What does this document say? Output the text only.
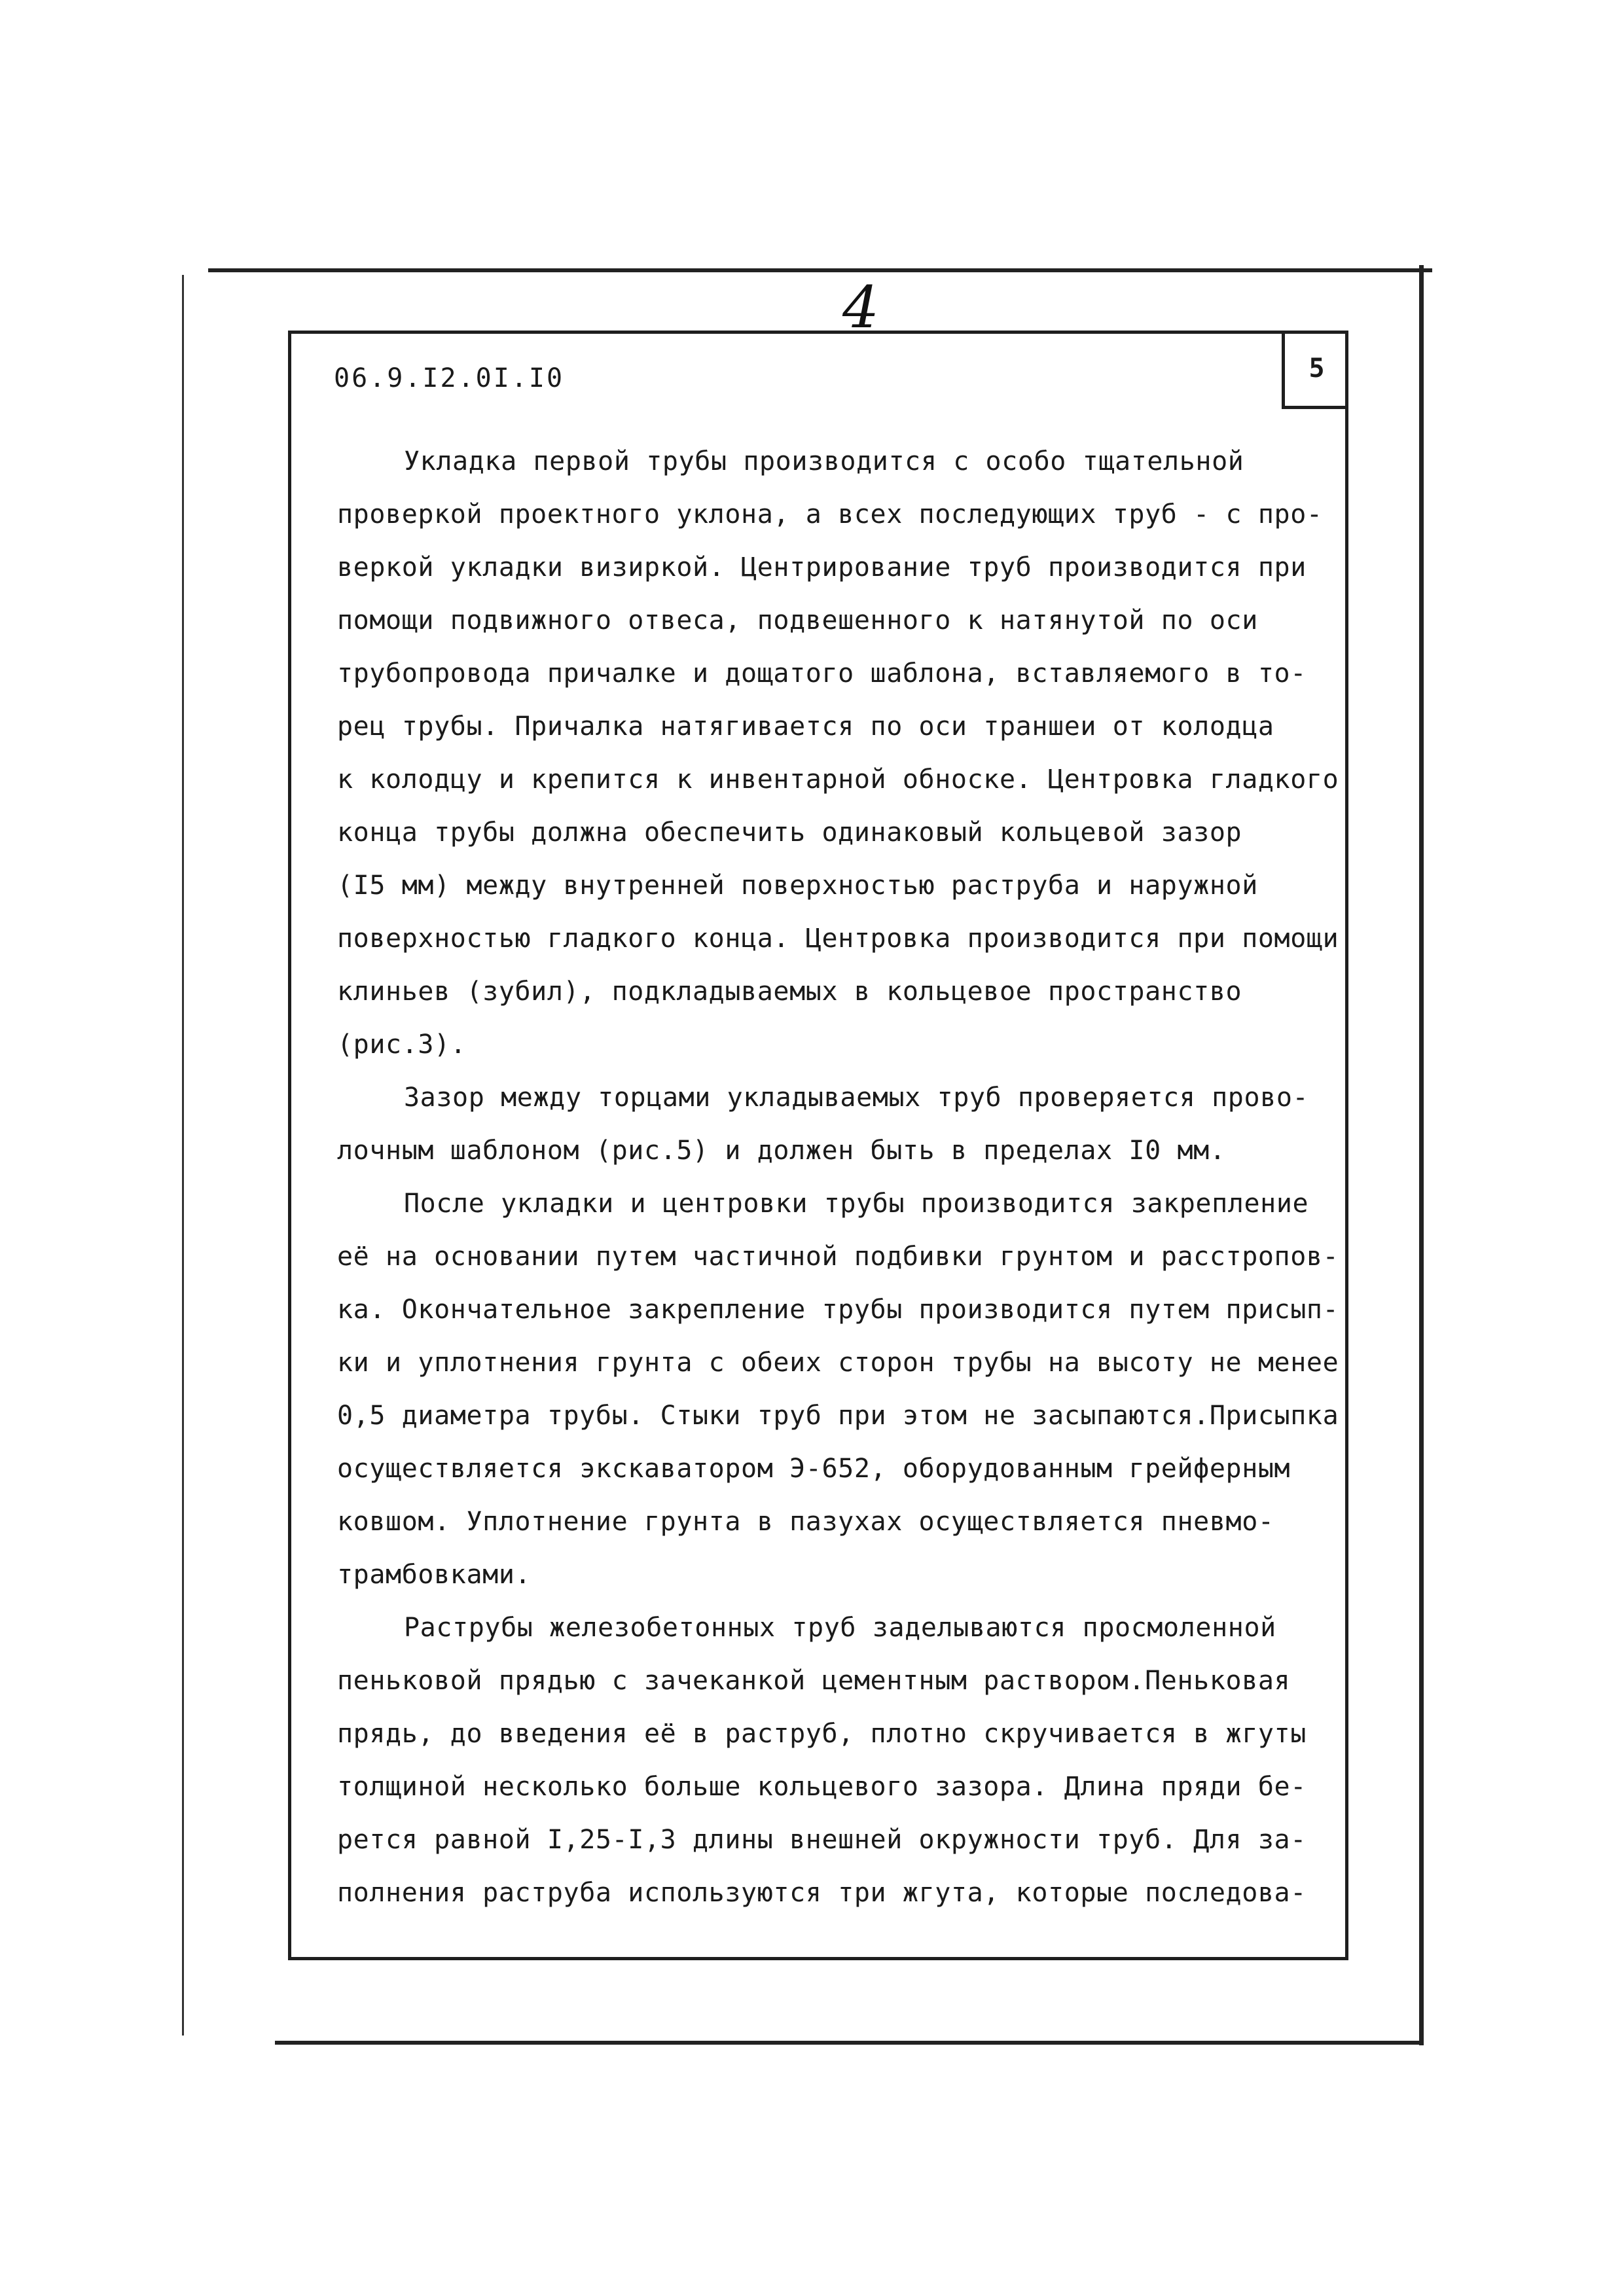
4
06.9.I2.0I.I0	5
Укладка первой трубы производится с особо тщательной
проверкой проектного уклона, а всех последующих труб - с про-
веркой укладки визиркой. Центрирование труб производится при
помощи подвижного отвеса, подвешенного к натянутой по оси
трубопровода причалке и дощатого шаблона, вставляемого в то-
рец трубы. Причалка натягивается по оси траншеи от колодца
к колодцу и крепится к инвентарной обноске. Центровка гладкого
конца трубы должна обеспечить одинаковый кольцевой зазор
(I5 мм) между внутренней поверхностью раструба и наружной
поверхностью гладкого конца. Центровка производится при помощи
клиньев (зубил), подкладываемых в кольцевое пространство
(рис.3).
Зазор между торцами укладываемых труб проверяется прово-
лочным шаблоном (рис.5) и должен быть в пределах I0 мм.
После укладки и центровки трубы производится закрепление
её на основании путем частичной подбивки грунтом и расстропов-
ка. Окончательное закрепление трубы производится путем присып-
ки и уплотнения грунта с обеих сторон трубы на высоту не менее
0,5 диаметра трубы. Стыки труб при этом не засыпаются.Присыпка
осуществляется экскаватором Э-652, оборудованным грейферным
ковшом. Уплотнение грунта в пазухах осуществляется пневмо-
трамбовками.
Раструбы железобетонных труб заделываются просмоленной
пеньковой прядью с зачеканкой цементным раствором.Пеньковая
прядь, до введения её в раструб, плотно скручивается в жгуты
толщиной несколько больше кольцевого зазора. Длина пряди бе-
рется равной I,25-I,3 длины внешней окружности труб. Для за-
полнения раструба используются три жгута, которые последова-
